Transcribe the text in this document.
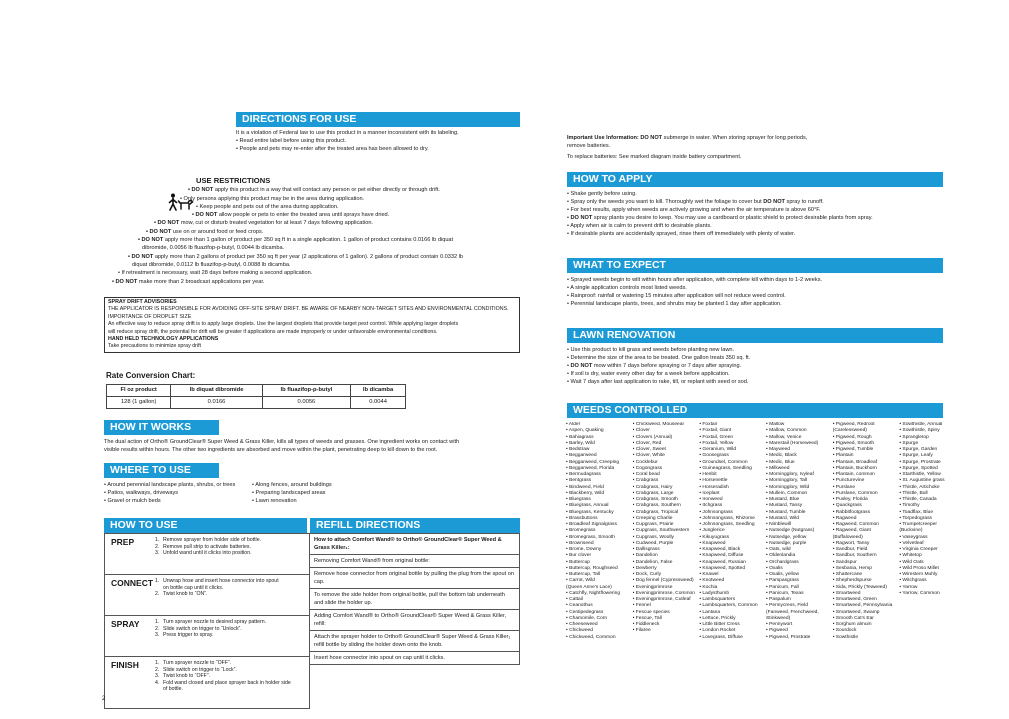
DIRECTIONS FOR USE

It is a violation of Federal law to use this product in a manner inconsistent with its labeling.

• Read entire label before using this product.

• People and pets may re-enter after the treated area has been allowed to dry.

USE RESTRICTIONS
• DO NOT apply this product in a way that will contact any person or pet either directly or through drift.
• Only persons applying this product may be in the area during application.
• Keep people and pets out of the area during application.
• DO NOT allow people or pets to enter the treated area until sprays have dried.
• DO NOT mow, cut or disturb treated vegetation for at least 7 days following application.
• DO NOT use on or around food or feed crops.
• DO NOT apply more than 1 gallon of product per 350 sq ft in a single application. 1 gallon of product contains 0.0166 lb diquat
dibromide, 0.0056 lb fluazifop-p-butyl, 0.0044 lb dicamba.
• DO NOT apply more than 2 gallons of product per 350 sq ft per year (2 applications of 1 gallon). 2 gallons of product contain 0.0332 lb
diquat dibromide, 0.0112 lb fluazifop-p-butyl, 0.0088 lb dicamba.
• If retreatment is necessary, wait 28 days before making a second application.
• DO NOT make more than 2 broadcast applications per year.

SPRAY DRIFT ADVISORIES

THE APPLICATOR IS RESPONSIBLE FOR AVOIDING OFF-SITE SPRAY DRIFT. BE AWARE OF NEARBY NON-TARGET SITES AND ENVIRONMENTAL CONDITIONS.

IMPORTANCE OF DROPLET SIZE

An effective way to reduce spray drift is to apply large droplets. Use the largest droplets that provide target pest control. While applying larger droplets

will reduce spray drift, the potential for drift will be greater if applications are made improperly or under unfavorable environmental conditions.

HAND HELD TECHNOLOGY APPLICATIONS

Take precautions to minimize spray drift

Rate Conversion Chart:
Fl oz product	lb diquat dibromide	lb fluazifop-p-butyl	lb dicamba
128 (1 gallon)	0.0166	0.0056	0.0044
HOW IT WORKS

The dual action of Ortho® GroundClear® Super Weed & Grass Killer, kills all types of weeds and grasses. One ingredient works on contact with

visible results within hours. The other two ingredients are absorbed and move within the plant, penetrating deep to kill down to the root.

WHERE TO USE

• Around perennial landscape plants, shrubs, or trees

• Patios, walkways, driveways

• Gravel or mulch beds

• Along fences, around buildings

• Preparing landscaped areas

• Lawn renovation

HOW TO USE
PREP	1. Remove sprayer from holder side of bottle.
2. Remove pull strip to activate batteries.
3. Unfold wand until it clicks into position.
CONNECT 1. Unwrap hose and insert hose connector into spout
on bottle cap until it clicks.
2. Twist knob to “ON”.
SPRAY	1. Turn sprayer nozzle to desired spray pattern.
2. Slide switch on trigger to “Unlock”.
3. Press trigger to spray.
FINISH	1. Turn sprayer nozzle to “OFF”.
2. Slide switch on trigger to “Lock”.
3. Twist knob to “OFF”.
4. Fold wand closed and place sprayer back in holder side
of bottle.
REFILL DIRECTIONS
How to attach Comfort Wand® to Ortho® GroundClear® Super Weed & Grass Killer₁:
Removing Comfort Wand® from original bottle:
Remove hose connector from original bottle by pulling the plug from the spout on cap.
To remove the side holder from original bottle, pull the bottom tab underneath and slide the holder up.
Adding Comfort Wand® to Ortho® GroundClear® Super Weed & Grass Killer, refill:
Attach the sprayer holder to Ortho® GroundClear® Super Weed & Grass Killer₁ refill bottle by sliding the holder down onto the knob.
Insert hose connector into spout on cap until it clicks.
2

Important Use Information: DO NOT submerge in water. When storing sprayer for long periods,

remove batteries.

To replace batteries: See marked diagram inside battery compartment.

HOW TO APPLY

• Shake gently before using.

• Spray only the weeds you want to kill. Thoroughly wet the foliage to cover but DO NOT spray to runoff.

• For best results, apply when weeds are actively growing and when the air temperature is above 60°F.

• DO NOT spray plants you desire to keep. You may use a cardboard or plastic shield to protect desirable plants from spray.

• Apply when air is calm to prevent drift to desirable plants.

• If desirable plants are accidentally sprayed, rinse them off immediately with plenty of water.

WHAT TO EXPECT

• Sprayed weeds begin to wilt within hours after application, with complete kill within days to 1-2 weeks.

• A single application controls most listed weeds.

• Rainproof: rainfall or watering 15 minutes after application will not reduce weed control.

• Perennial landscape plants, trees, and shrubs may be planted 1 day after application.

LAWN RENOVATION

• Use this product to kill grass and weeds before planting new lawn.

• Determine the size of the area to be treated. One gallon treats 350 sq. ft.

• DO NOT mow within 7 days before spraying or 7 days after spraying.

• If soil is dry, water every other day for a week before application.

• Wait 7 days after last application to rake, till, or replant with seed or sod.

WEEDS CONTROLLED
• Alder
• Aspen, Quaking
• Bahiagrass
• Barley, Wild
• Bedstraw
• Beggarweed
• Beggarweed, Creeping
• Beggarweed, Florida
• Bermudagrass
• Bentgrass
• Bindweed, Field
• Blackberry, Wild
• Bluegrass
• Bluegrass, Annual
• Bluegrass, Kentucky
• Brassbuttons
• Broadleaf Signalgrass
• Bromegrass
• Bromegrass, Smooth
• Brownseed
• Brome, Downy
• Bur clover
• Buttercup
• Buttercup, Roughseed
• Buttercup, Tall
• Carrot, Wild
(Queen Anne's Lace)
• Catchfly, Nightflowering
• Cattail
• Ceanothus
• Centipedegrass
• Chamomile, Corn
• Cheeseweed
• Chickweed
• Chickweed, Common
• Chickweed, Mouseear
• Clover
• Clovers (Annual)
• Clover, Red
• Clover, Sweet
• Clover, White
• Cocklebur
• Cogongrass
• Coral bead
• Crabgrass
• Crabgrass, Hairy
• Crabgrass, Large
• Crabgrass, Smooth
• Crabgrass, Southern
• Crabgrass, Tropical
• Creeping Charlie
• Cupgrass, Prairie
• Cupgrass, Southwestern
• Cupgrass, Woolly
• Cudweed, Purple
• Dallisgrass
• Dandelion
• Dandelion, False
• Dewberry
• Dock, Curly
• Dog fennel (Cypressweed)
• Eveningprimrose
• Eveningprimrose, Common
• Eveningprimrose, Cutleaf
• Fennel
• Fescue species
• Fescue, Tall
• Fiddleneck
• Filaree
• Foxtail
• Foxtail, Giant
• Foxtail, Green
• Foxtail, Yellow
• Geranium, Wild
• Goosegrass
• Groundsel, Common
• Guineagrass, Seedling
• Henbit
• Horsenettle
• Horseradish
• Iceplant
• Ironweed
• Itchgrass
• Johnsongrass
• Johnsongrass, Rhizome
• Johnsongrass, Seedling
• Junglerice
• Kikuyugrass
• Knapweed
• Knapweed, Black
• Knapweed, Diffuse
• Knapweed, Russian
• Knapweed, Spotted
• Knawel
• Knotweed
• Kochia
• Ladysthumb
• Lambsquarters
• Lambsquarters, Common
• Lantana
• Lettuce, Prickly
• Little Bitter Cress
• London Rocket
• Lovegrass, Diffuse
• Mallow
• Mallow, Common
• Mallow, Venice
• Marestail (Horseweed)
• Mayweed
• Medic, Black
• Medic, Blue
• Milkweed
• Morningglory, Ivyleaf
• Morningglory, Tall
• Morningglory, Wild
• Mullein, Common
• Mustard, Blue
• Mustard, Tansy
• Mustard, Tumble
• Mustard, Wild
• Nimblewill
• Nutsedge (Nutgrass)
• Nutsedge, yellow
• Nutsedge, purple
• Oats, wild
• Oldenlandia
• Orchardgrass
• Oxalis
• Oxalis, yellow
• Pampasgrass
• Panicum, Fall
• Panicum, Texas
• Paspalum
• Pennycress, Field
(Fanweed, Frenchweed,
Stinkweed)
• Pennywort
• Pigweed
• Pigweed, Prostrate
• Pigweed, Redroot
(Carelessweed)
• Pigweed, Rough
• Pigweed, Smooth
• Pigweed, Tumble
• Plantain
• Plantain, Broadleaf
• Plantain, Buckhorn
• Plantain, common
• Puncturevine
• Purslane
• Purslane, Common
• Pusley, Florida
• Quackgrass
• Rabbitfootgrass
• Ragweed
• Ragweed, Common
• Ragweed, Giant
(Buffaloweed)
• Ragwort, Tansy
• Sandbur, Field
• Sandbur, Southern
• Sandspur
• Sesbania, Hemp
• Shattercane
• Shepherdspurse
• Sida, Prickly (Teaweed)
• Smartweed
• Smartweed, Green
• Smartweed, Pennsylvania
• Smartweed, Swamp
• Smooth Cat's Ear
• Sorghum almum
• Sourdock
• Sowthistle
• Sowthistle, Annual
• Sowthistle, Spiny
• Sprangletop
• Spurge
• Spurge, Garden
• Spurge, Leafy
• Spurge, Prostrate
• Spurge, Spotted
• Starthistle, Yellow
• St. Augustine grass
• Thistle, Artichoke
• Thistle, Bull
• Thistle, Canada
• Timothy
• Toadflax, Blue
• Torpedograss
• Trumpetcreeper
(Buckvine)
• Vaseygrass
• Velvetleaf
• Virginia Creeper
• Whitetop
• Wild Oats
• Wild Proso Millet
• Wirestem Muhly
• Witchgrass
• Yarrow
• Yarrow, Common
